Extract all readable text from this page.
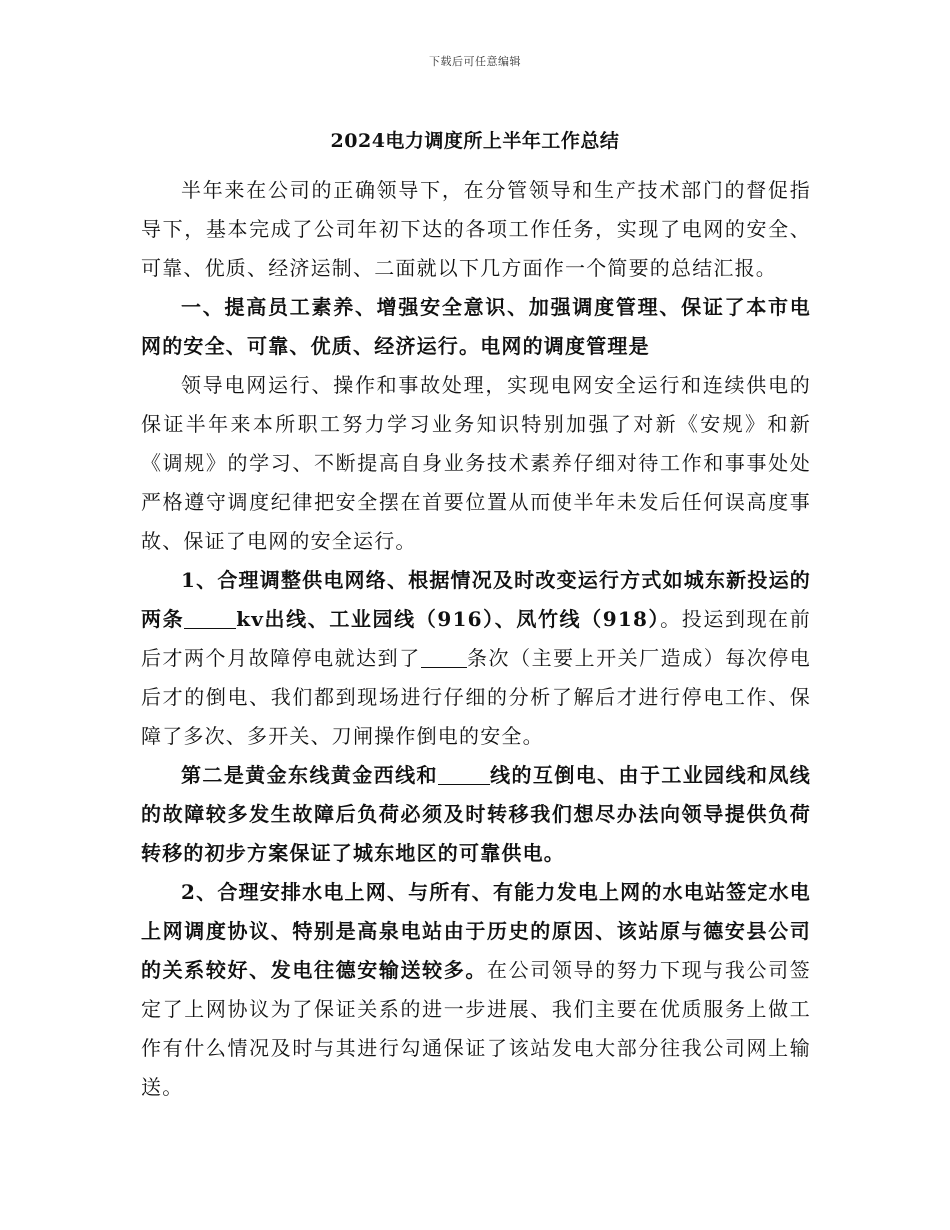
下载后可任意编辑
2024电力调度所上半年工作总结

半年来在公司的正确领导下，在分管领导和生产技术部门的督促指导下，基本完成了公司年初下达的各项工作任务，实现了电网的安全、可靠、优质、经济运制、二面就以下几方面作一个简要的总结汇报。

一、提高员工素养、增强安全意识、加强调度管理、保证了本市电网的安全、可靠、优质、经济运行。电网的调度管理是

领导电网运行、操作和事故处理，实现电网安全运行和连续供电的保证半年来本所职工努力学习业务知识特别加强了对新《安规》和新《调规》的学习、不断提高自身业务技术素养仔细对待工作和事事处处严格遵守调度纪律把安全摆在首要位置从而使半年未发后任何误高度事故、保证了电网的安全运行。

1、合理调整供电网络、根据情况及时改变运行方式如城东新投运的两条	kv出线、工业园线（916）、凤竹线（918）。投运到现在前后才两个月故障停电就达到了 条次（主要上开关厂造成）每次停电后才的倒电、我们都到现场进行仔细的分析了解后才进行停电工作、保障了多次、多开关、刀闸操作倒电的安全。

第二是黄金东线黄金西线和	线的互倒电、由于工业园线和凤线的故障较多发生故障后负荷必须及时转移我们想尽办法向领导提供负荷转移的初步方案保证了城东地区的可靠供电。

2、合理安排水电上网、与所有、有能力发电上网的水电站签定水电上网调度协议、特别是高泉电站由于历史的原因、该站原与德安县公司的关系较好、发电往德安输送较多。在公司领导的努力下现与我公司签定了上网协议为了保证关系的进一步进展、我们主要在优质服务上做工作有什么情况及时与其进行勾通保证了该站发电大部分往我公司网上输送。
